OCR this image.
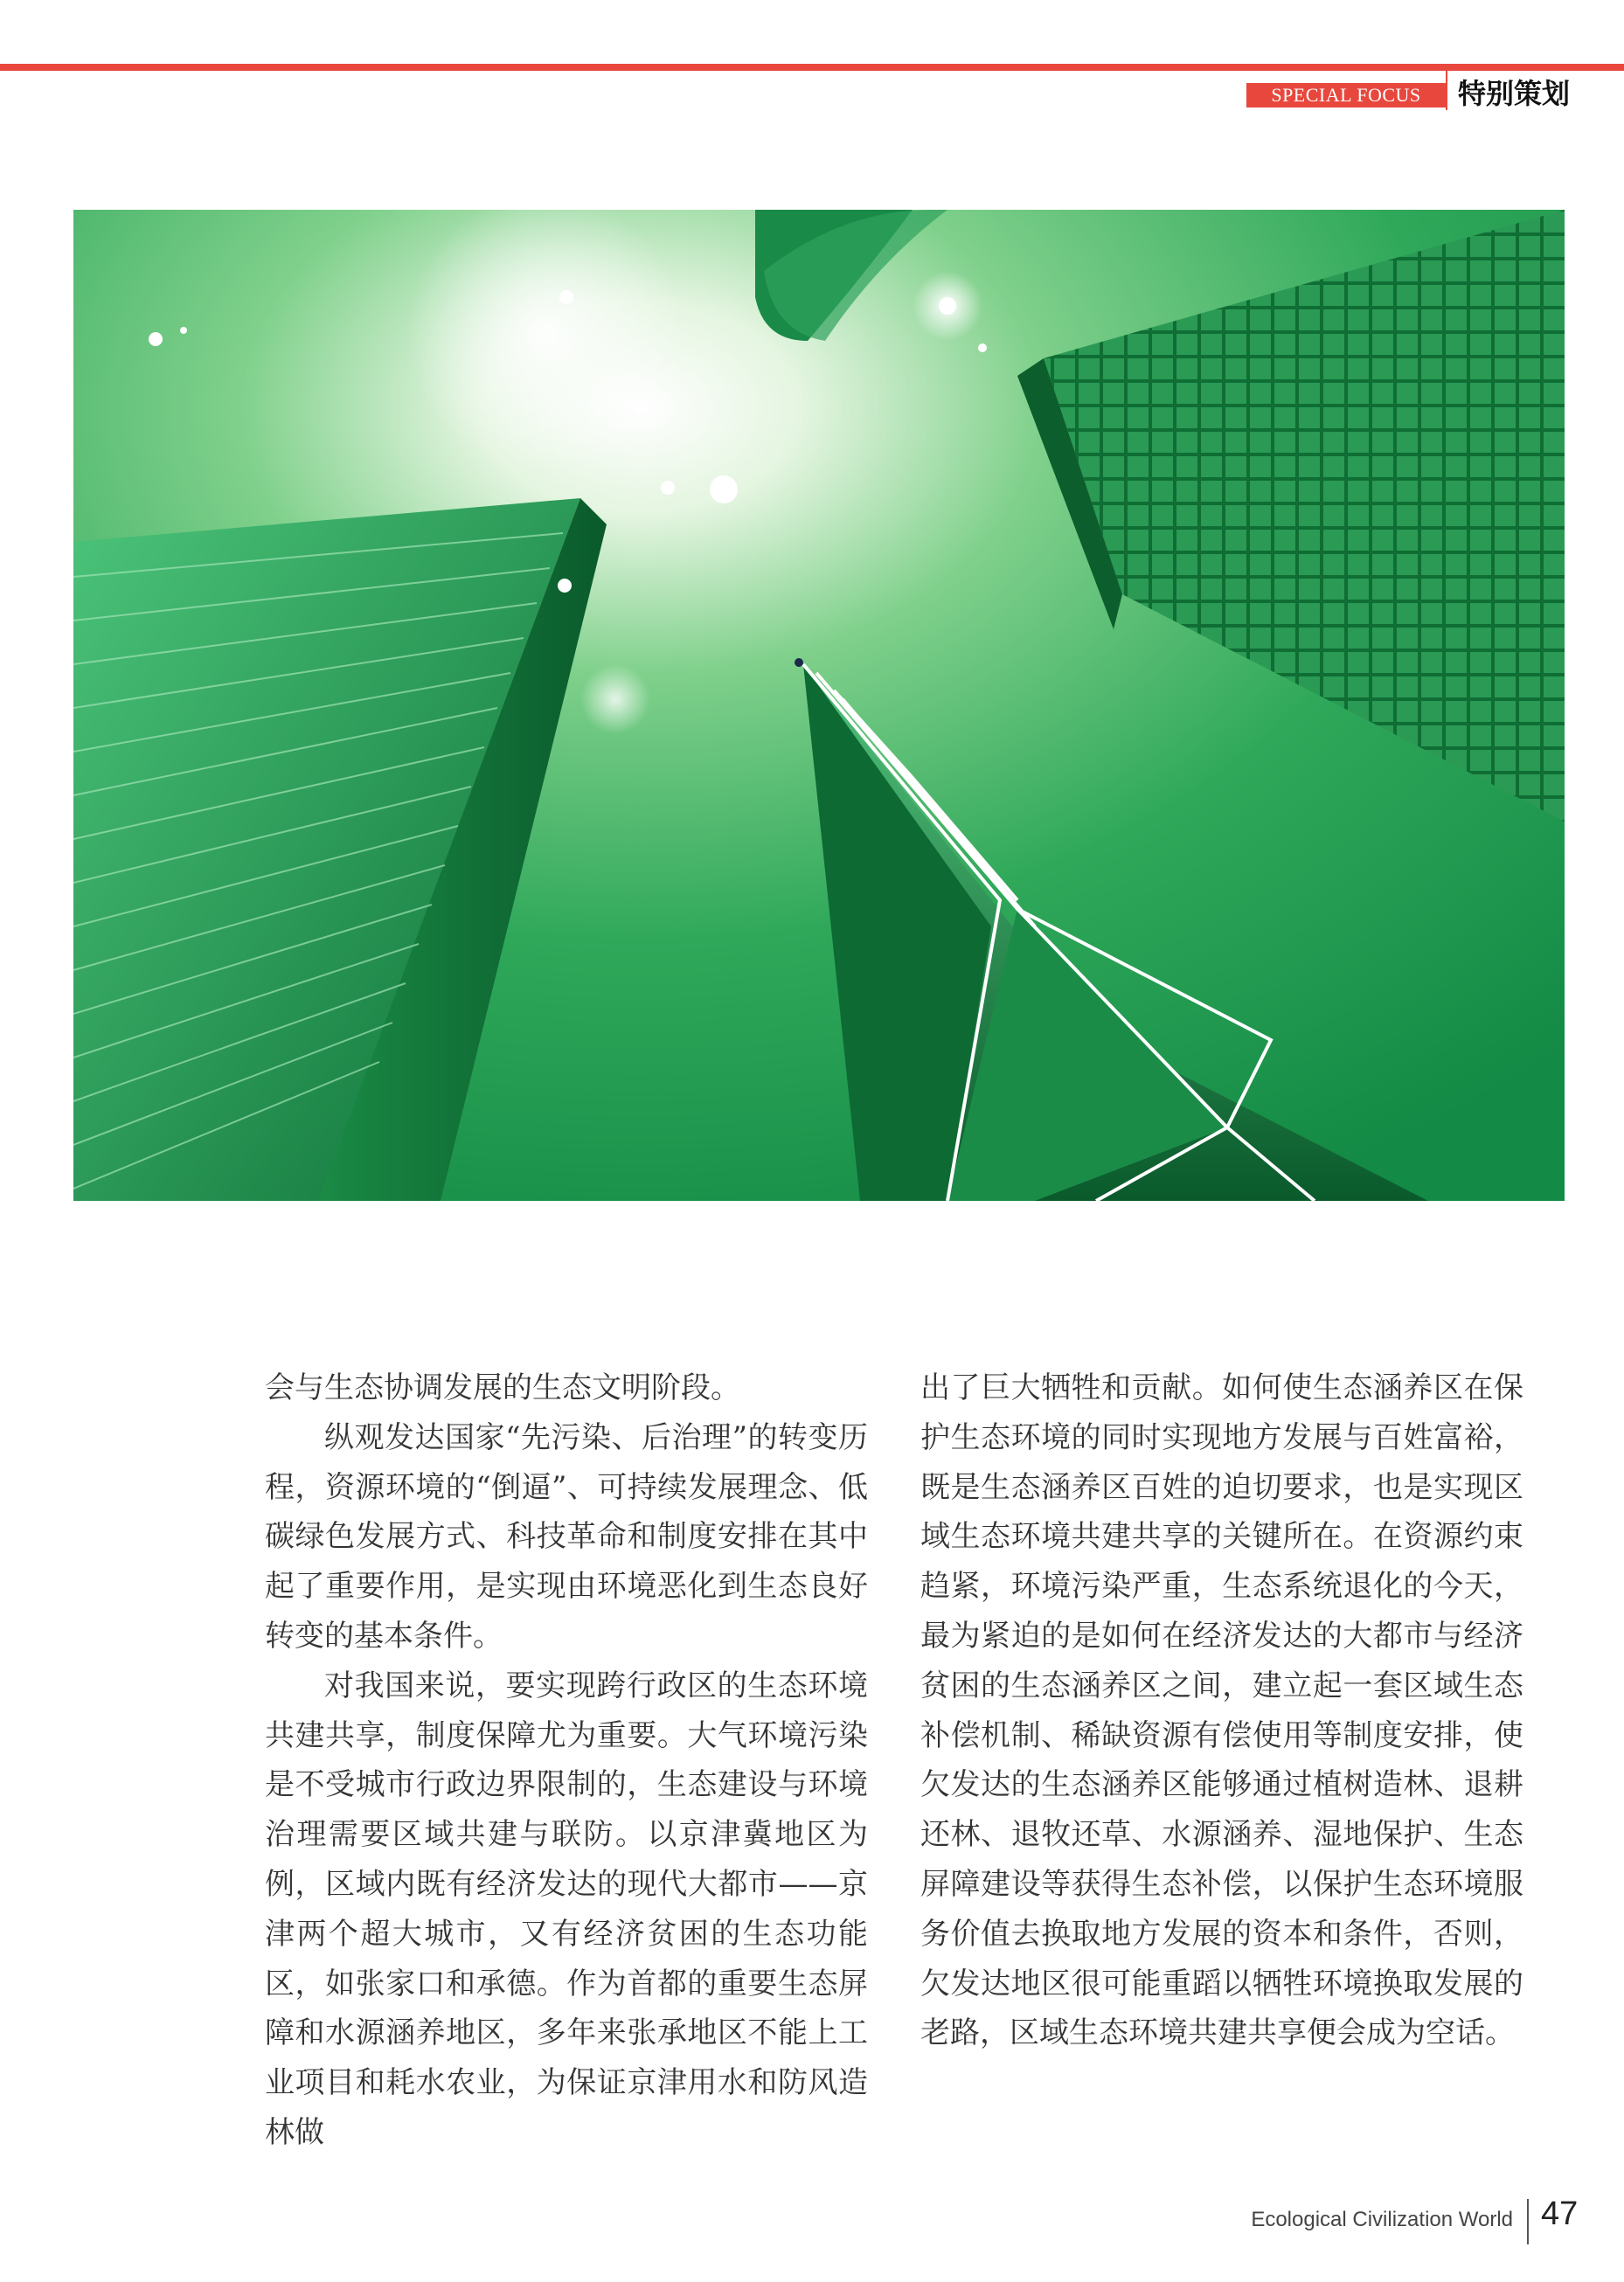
SPECIAL FOCUS	特别策划

会与生态协调发展的生态文明阶段。

纵观发达国家“先污染、后治理”的转变历程，资源环境的“倒逼”、可持续发展理念、低碳绿色发展方式、科技革命和制度安排在其中起了重要作用，是实现由环境恶化到生态良好转变的基本条件。

对我国来说，要实现跨行政区的生态环境共建共享，制度保障尤为重要。大气环境污染是不受城市行政边界限制的，生态建设与环境治理需要区域共建与联防。以京津冀地区为例，区域内既有经济发达的现代大都市——京津两个超大城市，又有经济贫困的生态功能区，如张家口和承德。作为首都的重要生态屏障和水源涵养地区，多年来张承地区不能上工业项目和耗水农业，为保证京津用水和防风造林做

出了巨大牺牲和贡献。如何使生态涵养区在保护生态环境的同时实现地方发展与百姓富裕，既是生态涵养区百姓的迫切要求，也是实现区域生态环境共建共享的关键所在。在资源约束趋紧，环境污染严重，生态系统退化的今天，最为紧迫的是如何在经济发达的大都市与经济贫困的生态涵养区之间，建立起一套区域生态补偿机制、稀缺资源有偿使用等制度安排，使欠发达的生态涵养区能够通过植树造林、退耕还林、退牧还草、水源涵养、湿地保护、生态屏障建设等获得生态补偿，以保护生态环境服务价值去换取地方发展的资本和条件，否则，欠发达地区很可能重蹈以牺牲环境换取发展的老路，区域生态环境共建共享便会成为空话。

Ecological Civilization World 47
